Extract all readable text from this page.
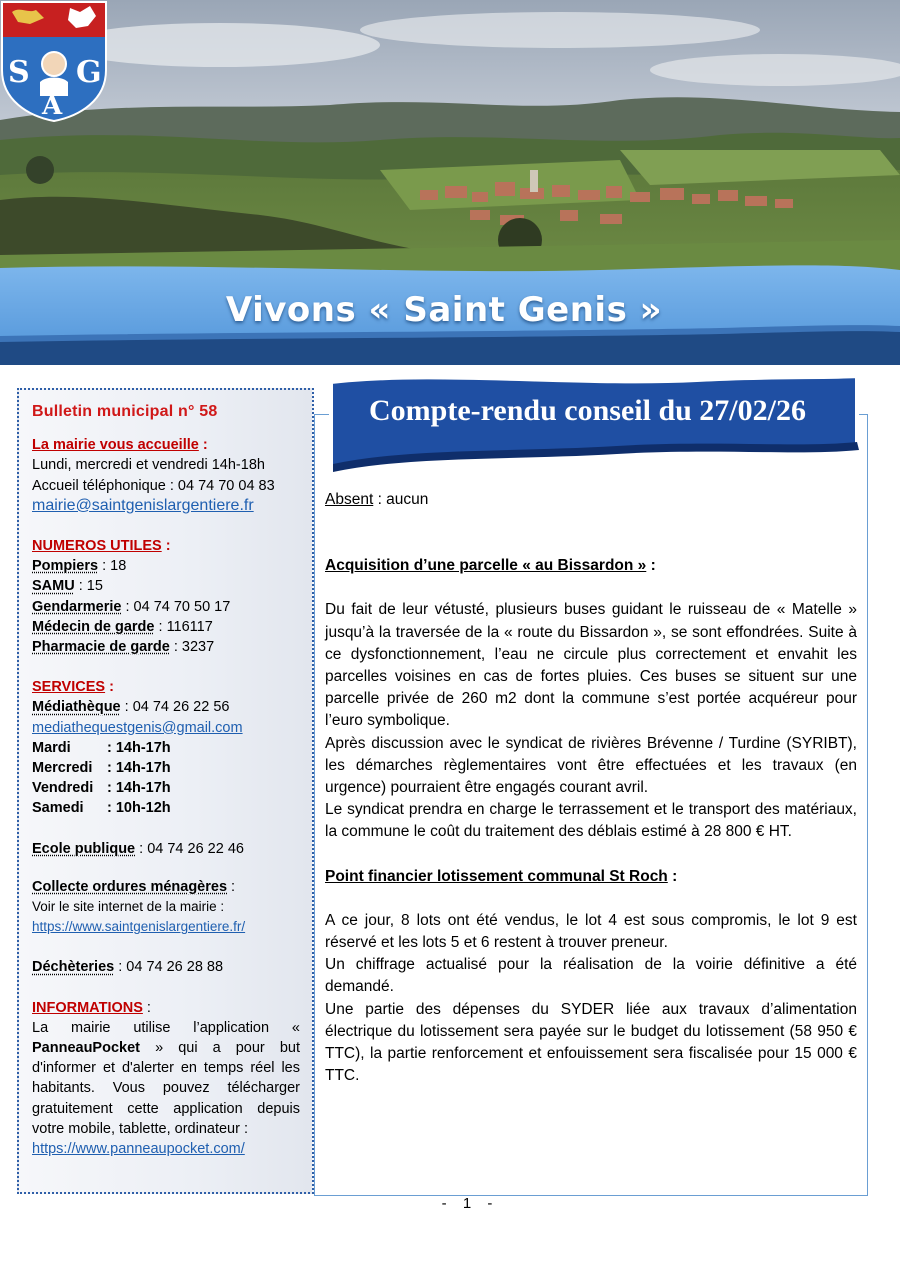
S G
A
Vivons « Saint Genis »
Bulletin municipal n° 58
La mairie vous accueille :
Lundi, mercredi et vendredi 14h-18h
Accueil téléphonique : 04 74 70 04 83
mairie@saintgenislargentiere.fr
NUMEROS UTILES :
Pompiers : 18
SAMU : 15
Gendarmerie : 04 74 70 50 17
Médecin de garde : 116117
Pharmacie de garde : 3237
SERVICES :
Médiathèque : 04 74 26 22 56
mediathequestgenis@gmail.com
Mardi	: 14h-17h
Mercredi	: 14h-17h
Vendredi : 14h-17h
Samedi	: 10h-12h
Ecole publique : 04 74 26 22 46
Collecte ordures ménagères :
Voir le site internet de la mairie :
https://www.saintgenislargentiere.fr/
Déchèteries : 04 74 26 28 88
INFORMATIONS :
La mairie utilise l’application « PanneauPocket » qui a pour but d'informer et d'alerter en temps réel les habitants. Vous pouvez télécharger gratuitement cette application depuis votre mobile, tablette, ordinateur :
https://www.panneaupocket.com/
Compte-rendu conseil du 27/02/26

Absent : aucun

Acquisition d’une parcelle « au Bissardon » :

Du fait de leur vétusté, plusieurs buses guidant le ruisseau de « Matelle » jusqu’à la traversée de la « route du Bissardon », se sont effondrées. Suite à ce dysfonctionnement, l’eau ne circule plus correctement et envahit les parcelles voisines en cas de fortes pluies. Ces buses se situent sur une parcelle privée de 260 m2 dont la commune s’est portée acquéreur pour l’euro symbolique.

Après discussion avec le syndicat de rivières Brévenne / Turdine (SYRIBT), les démarches règlementaires vont être effectuées et les travaux (en urgence) pourraient être engagés courant avril.

Le syndicat prendra en charge le terrassement et le transport des matériaux, la commune le coût du traitement des déblais estimé à 28 800 € HT.

Point financier lotissement communal St Roch :

A ce jour, 8 lots ont été vendus, le lot 4 est sous compromis, le lot 9 est réservé et les lots 5 et 6 restent à trouver preneur.

Un chiffrage actualisé pour la réalisation de la voirie définitive a été demandé.

Une partie des dépenses du SYDER liée aux travaux d’alimentation électrique du lotissement sera payée sur le budget du lotissement (58 950 € TTC), la partie renforcement et enfouissement sera fiscalisée pour 15 000 € TTC.

- 1 -
